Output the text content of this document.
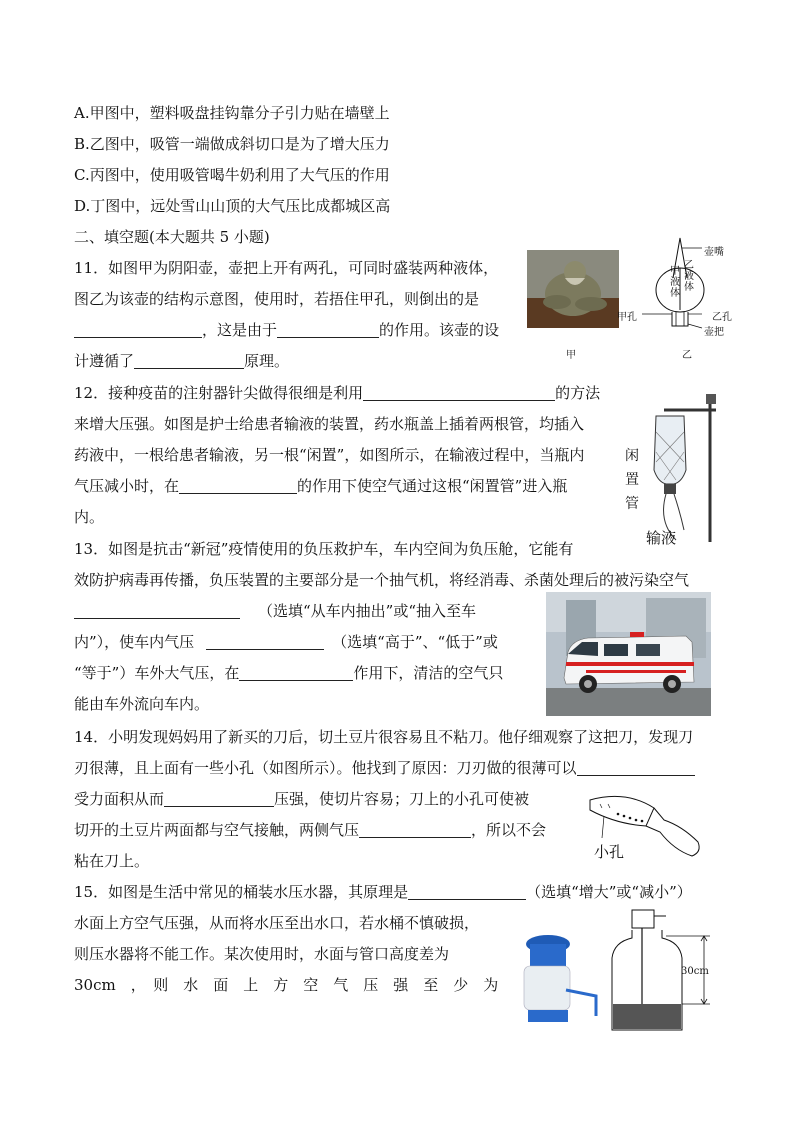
A.甲图中，塑料吸盘挂钩靠分子引力贴在墙壁上
B.乙图中，吸管一端做成斜切口是为了增大压力
C.丙图中，使用吸管喝牛奶利用了大气压的作用
D.丁图中，远处雪山山顶的大气压比成都城区高
二、填空题(本大题共 5 小题)
11．如图甲为阴阳壶，壶把上开有两孔，可同时盛装两种液体，
图乙为该壶的结构示意图，使用时，若捂住甲孔，则倒出的是
，这是由于	的作用。该壶的设
计遵循了	原理。	甲
壶嘴
甲液体
乙液体
甲孔	乙孔
壶把
乙
12．接种疫苗的注射器针尖做得很细是利用	的方法
来增大压强。如图是护士给患者输液的装置，药水瓶盖上插着两根管，均插入
药液中，一根给患者输液，另一根“闲置”，如图所示，在输液过程中，当瓶内
气压减小时，在	的作用下使空气通过这根“闲置管”进入瓶
内。
闲置管
输液
13．如图是抗击“新冠”疫情使用的负压救护车，车内空间为负压舱，它能有
效防护病毒再传播，负压装置的主要部分是一个抽气机，将经消毒、杀菌处理后的被污染空气
（选填“从车内抽出”或“抽入至车
内”），使车内气压	（选填“高于”、“低于”或
“等于”）车外大气压，在	作用下，清洁的空气只
能由车外流向车内。
14．小明发现妈妈用了新买的刀后，切土豆片很容易且不粘刀。他仔细观察了这把刀，发现刀
刃很薄，且上面有一些小孔（如图所示）。他找到了原因：刀刃做的很薄可以
受力面积从而	压强，使切片容易；刀上的小孔可使被
切开的土豆片两面都与空气接触，两侧气压	，所以不会
粘在刀上。	小孔
15．如图是生活中常见的桶装水压水器，其原理是	（选填“增大”或“减小”）
水面上方空气压强，从而将水压至出水口，若水桶不慎破损，
则压水器将不能工作。某次使用时，水面与管口高度差为
30cm　，　则　水　面　上　方　空　气　压　强　至　少　为
30cm
